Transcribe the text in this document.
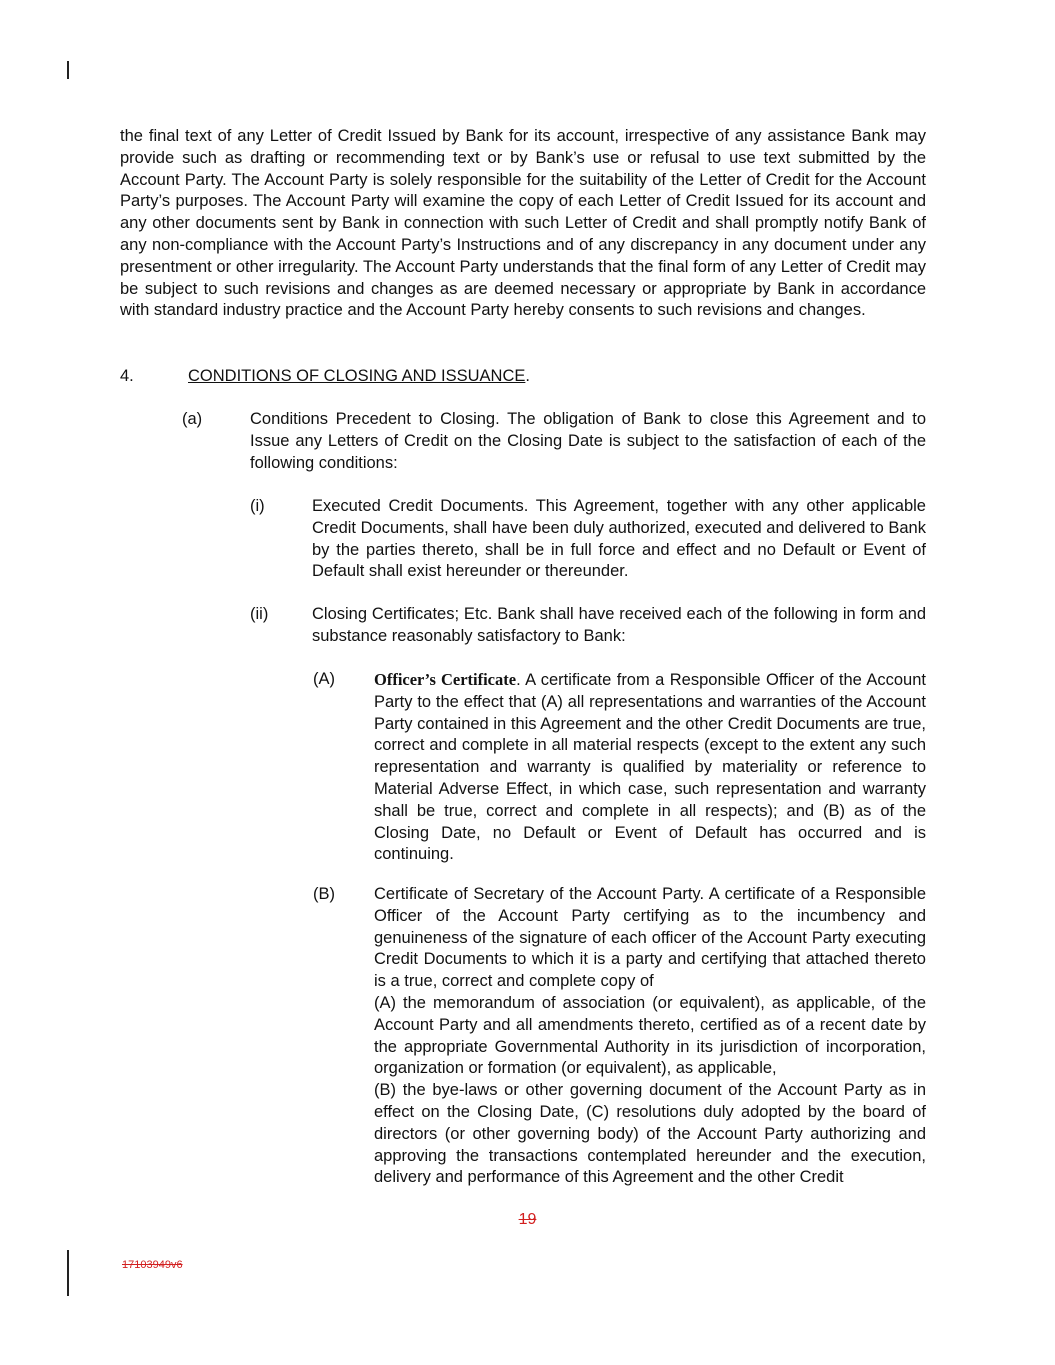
the final text of any Letter of Credit Issued by Bank for its account, irrespective of any assistance Bank may provide such as drafting or recommending text or by Bank’s use or refusal to use text submitted by the Account Party. The Account Party is solely responsible for the suitability of the Letter of Credit for the Account Party’s purposes. The Account Party will examine the copy of each Letter of Credit Issued for its account and any other documents sent by Bank in connection with such Letter of Credit and shall promptly notify Bank of any non-compliance with the Account Party’s Instructions and of any discrepancy in any document under any presentment or other irregularity. The Account Party understands that the final form of any Letter of Credit may be subject to such revisions and changes as are deemed necessary or appropriate by Bank in accordance with standard industry practice and the Account Party hereby consents to such revisions and changes.
4.	CONDITIONS OF CLOSING AND ISSUANCE.
(a)	Conditions Precedent to Closing. The obligation of Bank to close this Agreement and to Issue any Letters of Credit on the Closing Date is subject to the satisfaction of each of the following conditions:
(i)	Executed Credit Documents. This Agreement, together with any other applicable Credit Documents, shall have been duly authorized, executed and delivered to Bank by the parties thereto, shall be in full force and effect and no Default or Event of Default shall exist hereunder or thereunder.
(ii)	Closing Certificates; Etc. Bank shall have received each of the following in form and substance reasonably satisfactory to Bank:
(A) Officer’s Certificate. A certificate from a Responsible Officer of the Account Party to the effect that (A) all representations and warranties of the Account Party contained in this Agreement and the other Credit Documents are true, correct and complete in all material respects (except to the extent any such representation and warranty is qualified by materiality or reference to Material Adverse Effect, in which case, such representation and warranty shall be true, correct and complete in all respects); and (B) as of the Closing Date, no Default or Event of Default has occurred and is continuing.
(B) Certificate of Secretary of the Account Party. A certificate of a Responsible Officer of the Account Party certifying as to the incumbency and genuineness of the signature of each officer of the Account Party executing Credit Documents to which it is a party and certifying that attached thereto is a true, correct and complete copy of
(A) the memorandum of association (or equivalent), as applicable, of the Account Party and all amendments thereto, certified as of a recent date by the appropriate Governmental Authority in its jurisdiction of incorporation, organization or formation (or equivalent), as applicable,
(B) the bye-laws or other governing document of the Account Party as in effect on the Closing Date, (C) resolutions duly adopted by the board of directors (or other governing body) of the Account Party authorizing and approving the transactions contemplated hereunder and the execution, delivery and performance of this Agreement and the other Credit
19
17103949v6
